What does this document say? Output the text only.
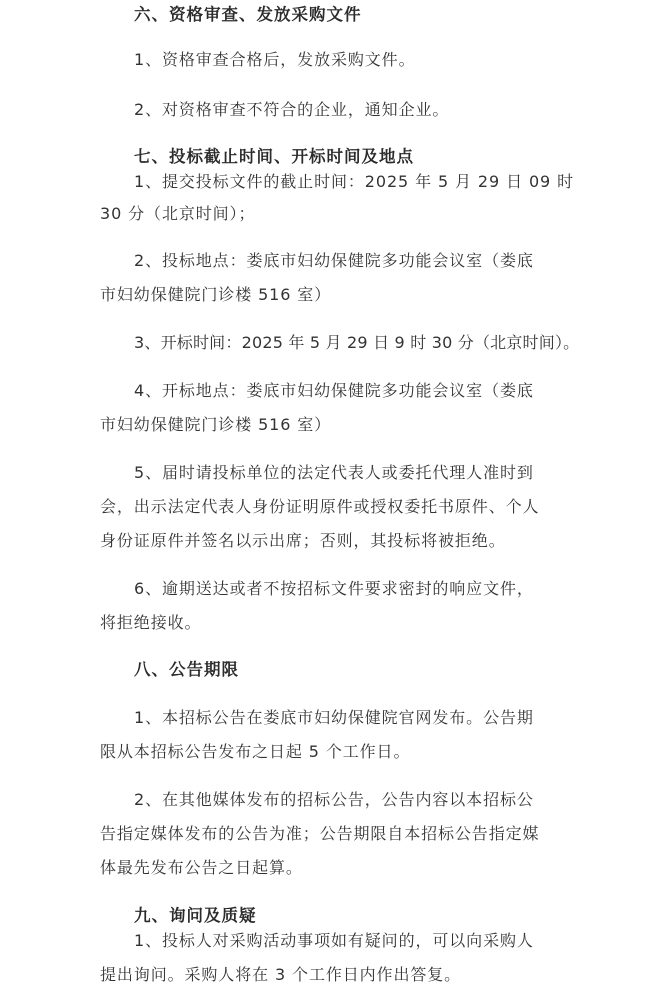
六、资格审查、发放采购文件
1、资格审查合格后，发放采购文件。
2、对资格审查不符合的企业，通知企业。
七、投标截止时间、开标时间及地点
1、提交投标文件的截止时间：2025 年 5 月 29 日 09 时
30 分（北京时间）；
2、投标地点：娄底市妇幼保健院多功能会议室（娄底
市妇幼保健院门诊楼 516 室）
3、开标时间：2025 年 5 月 29 日 9 时 30 分（北京时间）。
4、开标地点：娄底市妇幼保健院多功能会议室（娄底
市妇幼保健院门诊楼 516 室）
5、届时请投标单位的法定代表人或委托代理人准时到
会，出示法定代表人身份证明原件或授权委托书原件、个人
身份证原件并签名以示出席；否则，其投标将被拒绝。
6、逾期送达或者不按招标文件要求密封的响应文件，
将拒绝接收。
八、公告期限
1、本招标公告在娄底市妇幼保健院官网发布。公告期
限从本招标公告发布之日起 5 个工作日。
2、在其他媒体发布的招标公告，公告内容以本招标公
告指定媒体发布的公告为准；公告期限自本招标公告指定媒
体最先发布公告之日起算。
九、询问及质疑
1、投标人对采购活动事项如有疑问的，可以向采购人
提出询问。采购人将在 3 个工作日内作出答复。
